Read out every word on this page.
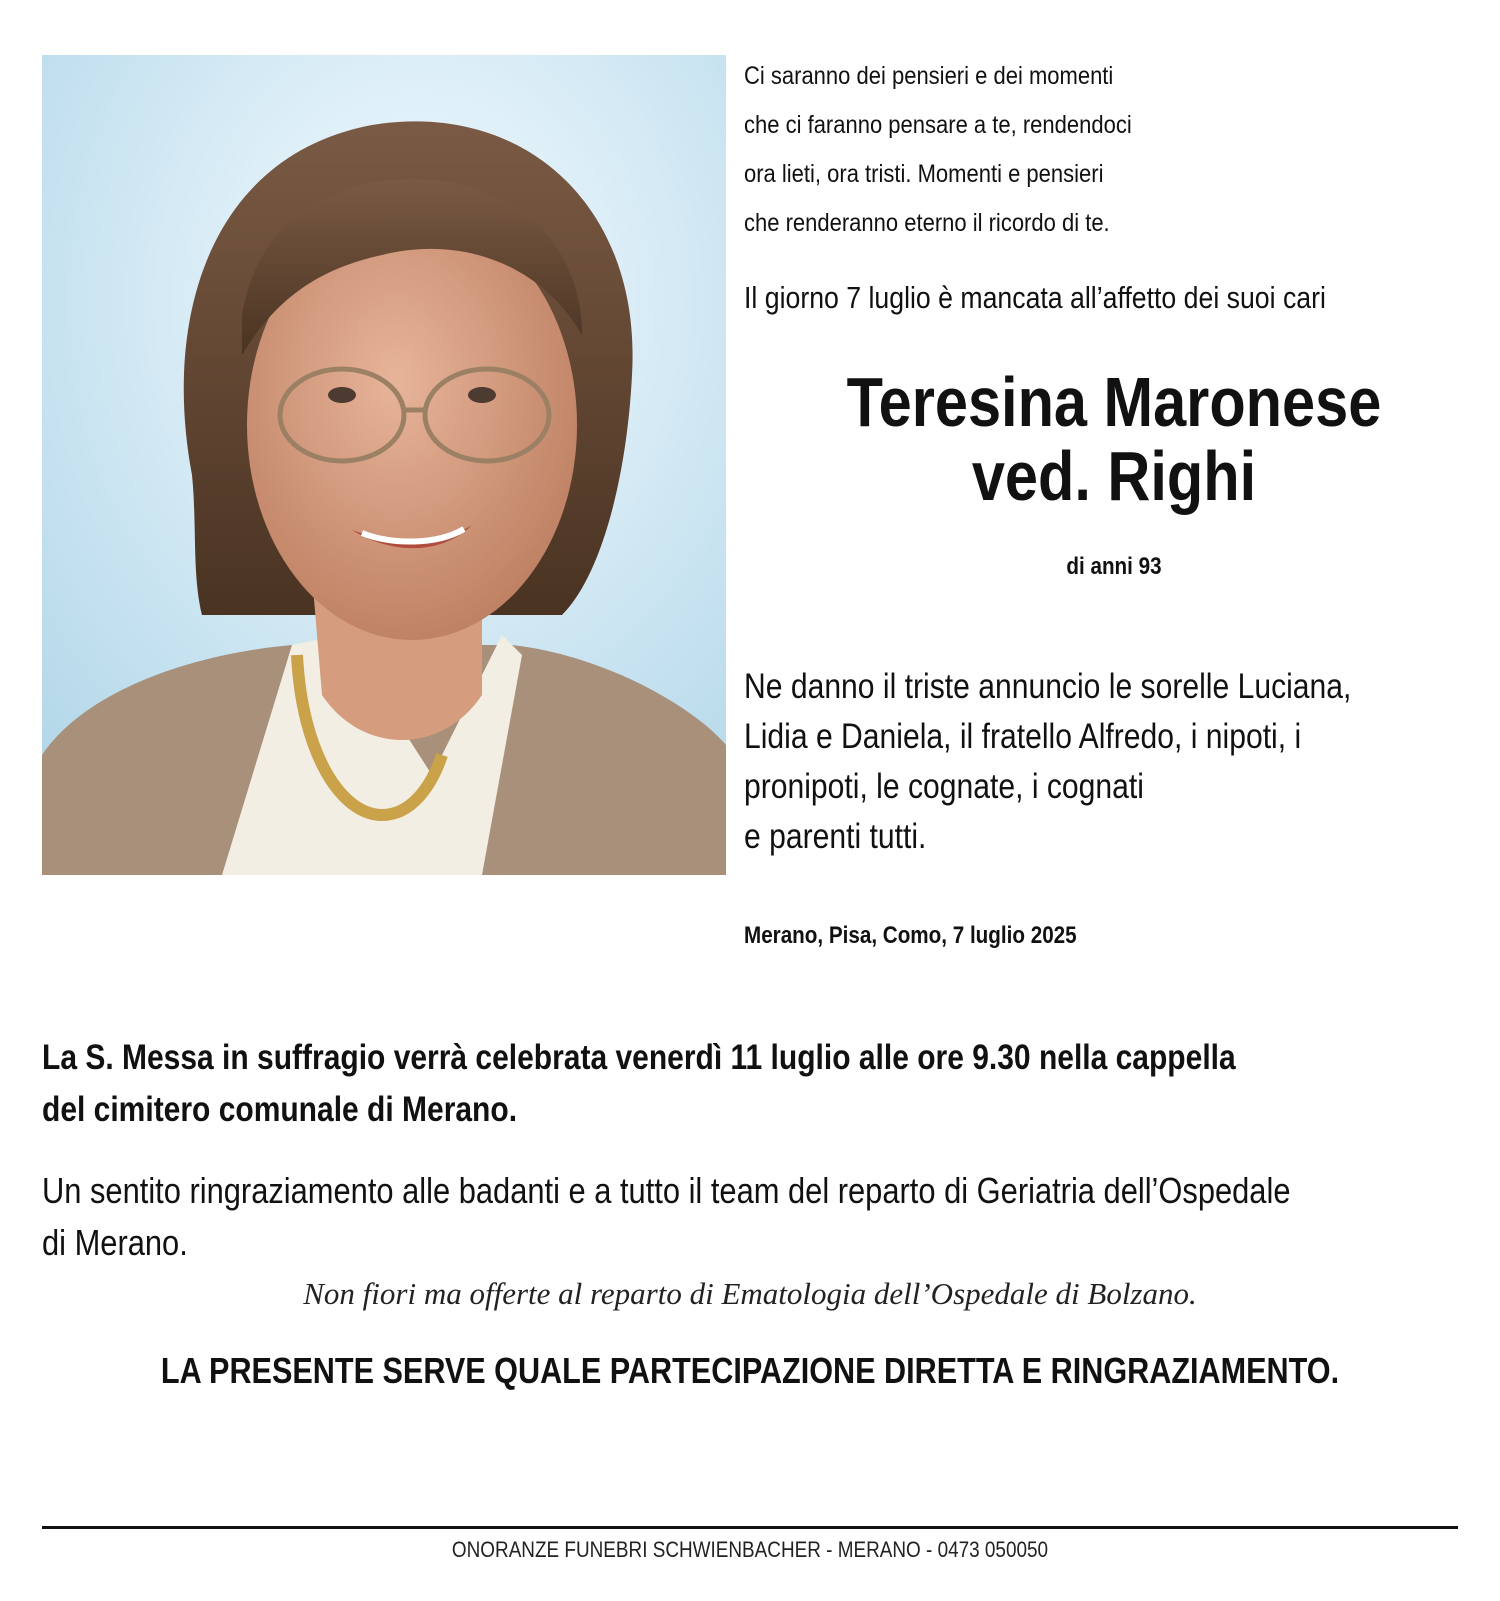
Ci saranno dei pensieri e dei momenti
che ci faranno pensare a te, rendendoci
ora lieti, ora tristi. Momenti e pensieri
che renderanno eterno il ricordo di te.
Il giorno 7 luglio è mancata all’affetto dei suoi cari
Teresina Maronese
ved. Righi
di anni 93
Ne danno il triste annuncio le sorelle Luciana,
Lidia e Daniela, il fratello Alfredo, i nipoti, i
pronipoti, le cognate, i cognati
e parenti tutti.
Merano, Pisa, Como, 7 luglio 2025
La S. Messa in suffragio verrà celebrata venerdì 11 luglio alle ore 9.30 nella cappella
del cimitero comunale di Merano.
Un sentito ringraziamento alle badanti e a tutto il team del reparto di Geriatria dell’Ospedale
di Merano.
Non fiori ma offerte al reparto di Ematologia dell’Ospedale di Bolzano.
LA PRESENTE SERVE QUALE PARTECIPAZIONE DIRETTA E RINGRAZIAMENTO.
ONORANZE FUNEBRI SCHWIENBACHER - MERANO - 0473 050050
